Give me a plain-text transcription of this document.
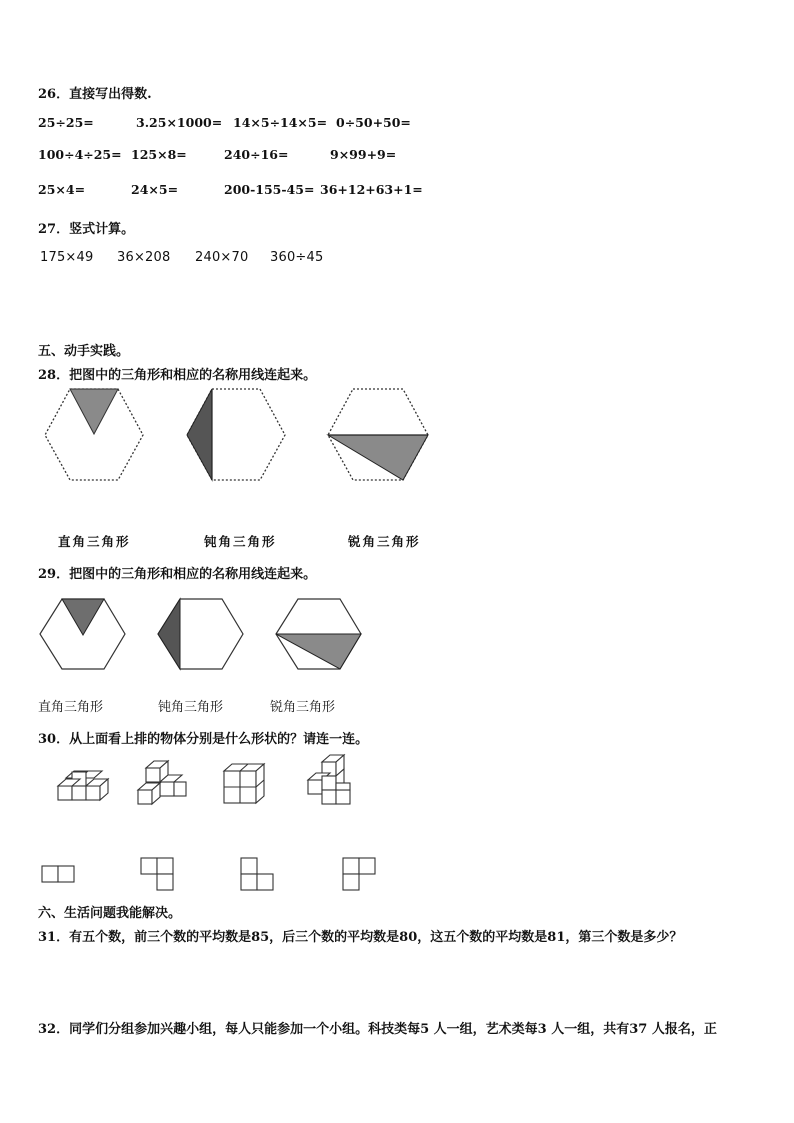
26．直接写出得数.
25÷25=	3.25×1000= 14×5÷14×5= 0÷50+50=
100÷4÷25= 125×8=	240÷16=	9×99+9=
25×4=	24×5=	200-155-45= 36+12+63+1=
27．竖式计算。
175×49 36×208 240×70 360÷45
五、动手实践。
28．把图中的三角形和相应的名称用线连起来。
直角三角形	钝角三角形	锐角三角形
29．把图中的三角形和相应的名称用线连起来。
直角三角形	钝角三角形	锐角三角形
30．从上面看上排的物体分别是什么形状的？请连一连。
六、生活问题我能解决。
31．有五个数，前三个数的平均数是85，后三个数的平均数是80，这五个数的平均数是81，第三个数是多少？
32．同学们分组参加兴趣小组，每人只能参加一个小组。科技类每5 人一组，艺术类每3 人一组，共有37 人报名，正
